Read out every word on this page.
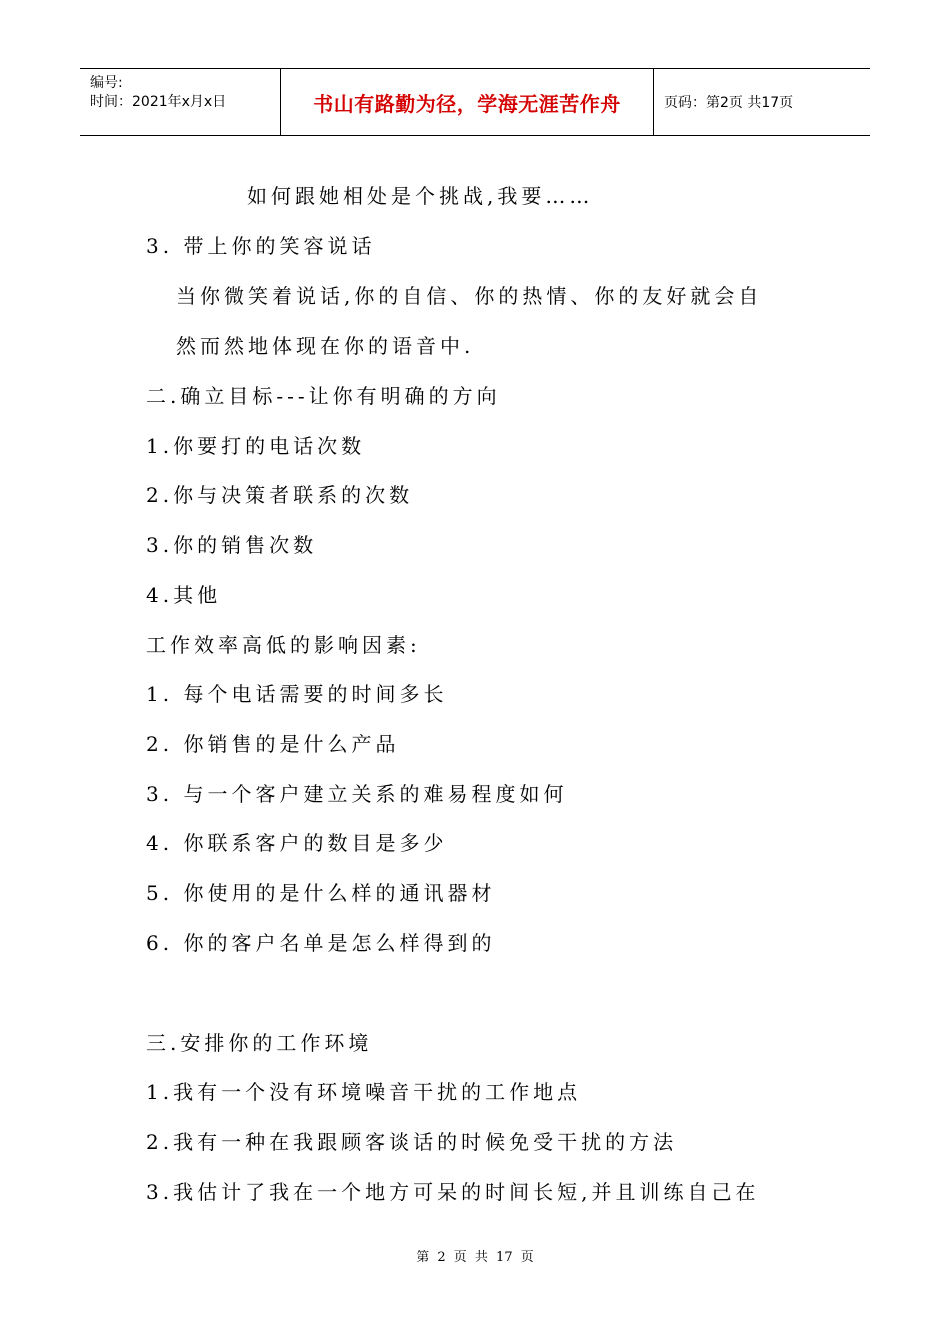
编号:
时间：2021年x月x日	书山有路勤为径，学海无涯苦作舟	页码：第2页 共17页
如何跟她相处是个挑战,我要……
3. 带上你的笑容说话
当你微笑着说话,你的自信、你的热情、你的友好就会自
然而然地体现在你的语音中.
二.确立目标---让你有明确的方向
1.你要打的电话次数
2.你与决策者联系的次数
3.你的销售次数
4.其他
工作效率高低的影响因素:
1. 每个电话需要的时间多长
2. 你销售的是什么产品
3. 与一个客户建立关系的难易程度如何
4. 你联系客户的数目是多少
5. 你使用的是什么样的通讯器材
6. 你的客户名单是怎么样得到的
三.安排你的工作环境
1.我有一个没有环境噪音干扰的工作地点
2.我有一种在我跟顾客谈话的时候免受干扰的方法
3.我估计了我在一个地方可呆的时间长短,并且训练自己在
第 2 页 共 17 页
